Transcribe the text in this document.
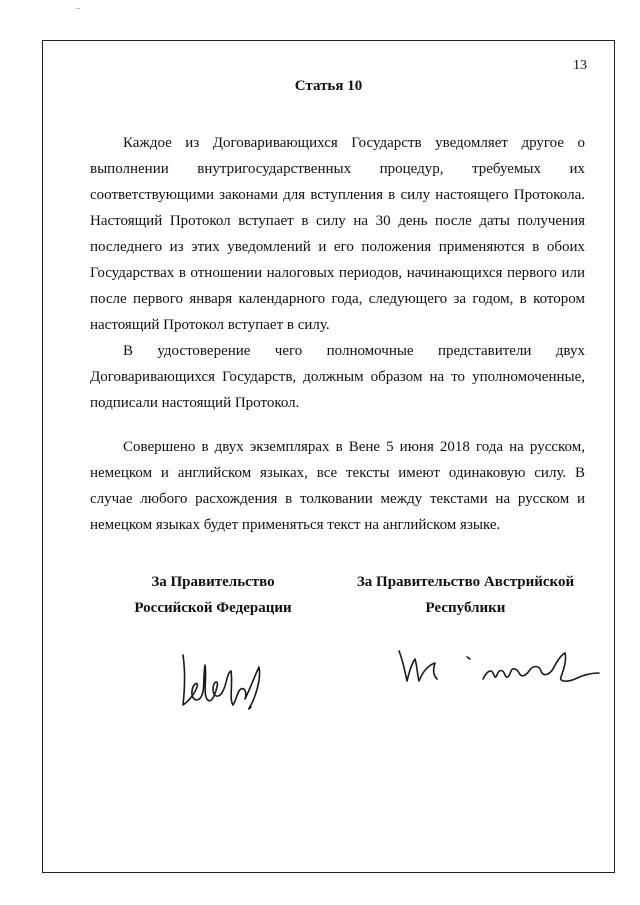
13
Статья 10

Каждое из Договаривающихся Государств уведомляет другое о выполнении внутригосударственных процедур, требуемых их соответствующими законами для вступления в силу настоящего Протокола. Настоящий Протокол вступает в силу на 30 день после даты получения последнего из этих уведомлений и его положения применяются в обоих Государствах в отношении налоговых периодов, начинающихся первого или после первого января календарного года, следующего за годом, в котором настоящий Протокол вступает в силу.

В удостоверение чего полномочные представители двух Договаривающихся Государств, должным образом на то уполномоченные, подписали настоящий Протокол.

Совершено в двух экземплярах в Вене 5 июня 2018 года на русском, немецком и английском языках, все тексты имеют одинаковую силу. В случае любого расхождения в толковании между текстами на русском и немецком языках будет применяться текст на английском языке.

За Правительство
Российской Федерации
За Правительство Австрийской
Республики
